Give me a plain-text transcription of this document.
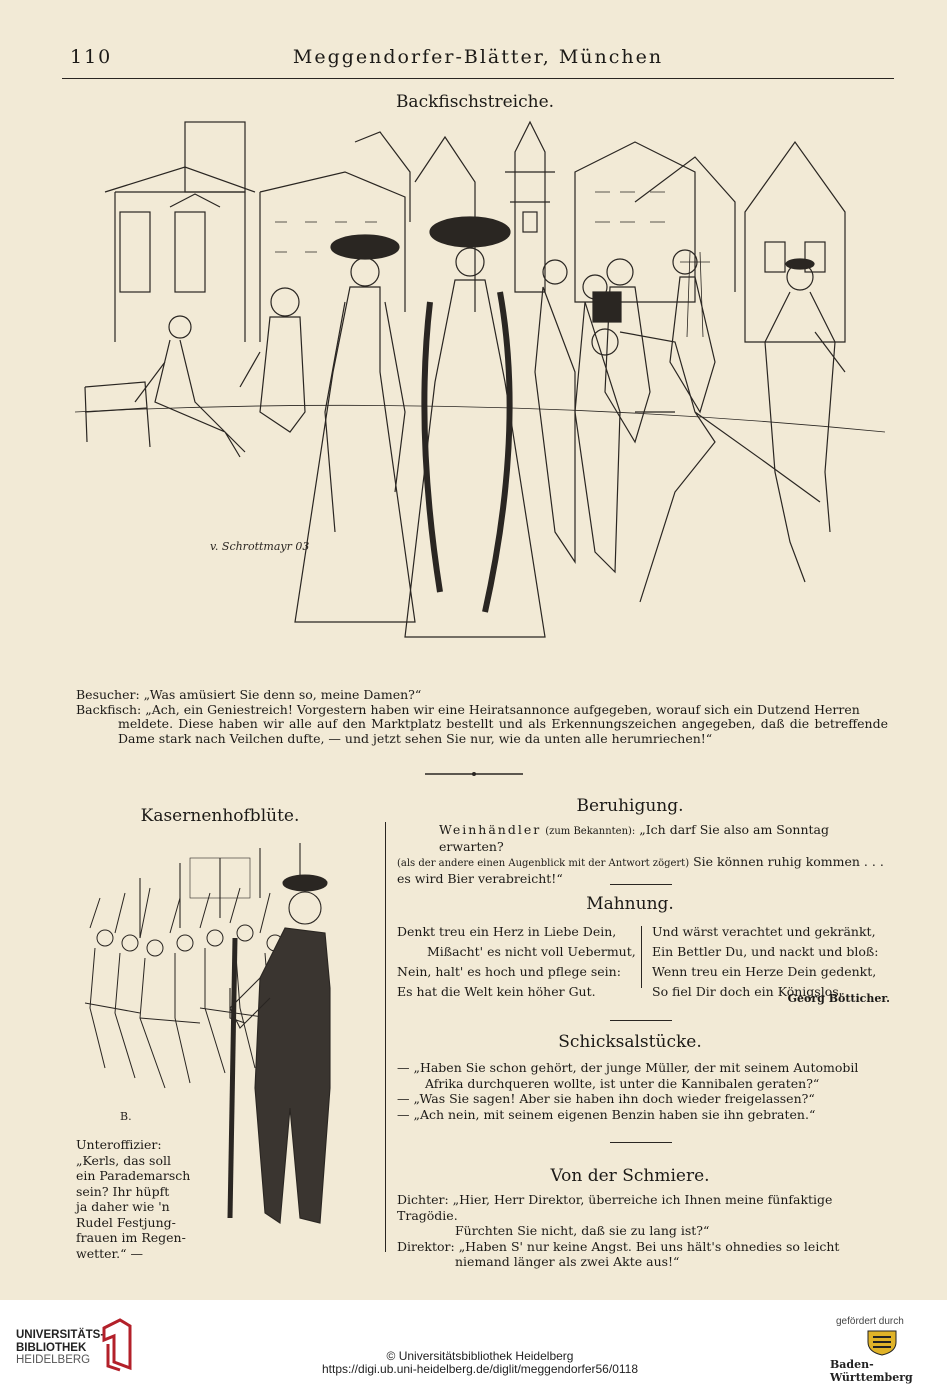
110	Meggendorfer-Blätter, München
Backfischstreiche.
v. Schrottmayr 03

Besucher: „Was amüsiert Sie denn so, meine Damen?“

Backfisch: „Ach, ein Geniestreich! Vorgestern haben wir eine Heiratsannonce aufgegeben, worauf sich ein Dutzend Herren

meldete. Diese haben wir alle auf den Marktplatz bestellt und als Erkennungszeichen angegeben, daß die betreffende Dame stark nach Veilchen dufte, — und jetzt sehen Sie nur, wie da unten alle herumriechen!“

Kasernenhofblüte.
B.
Unteroffizier:
„Kerls, das soll
ein Parademarsch
sein? Ihr hüpft
ja daher wie 'n
Rudel Festjung-
frauen im Regen-
wetter.“ —
Beruhigung.

Weinhändler (zum Bekannten): „Ich darf Sie also am Sonntag erwarten?

(als der andere einen Augenblick mit der Antwort zögert) Sie können ruhig kommen . . .

es wird Bier verabreicht!“

Mahnung.
Denkt treu ein Herz in Liebe Dein,
Mißacht' es nicht voll Uebermut,
Nein, halt' es hoch und pflege sein:
Es hat die Welt kein höher Gut.
Und wärst verachtet und gekränkt,
Ein Bettler Du, und nackt und bloß:
Wenn treu ein Herze Dein gedenkt,
So fiel Dir doch ein Königslos.
Georg Bötticher.
Schicksalstücke.
— „Haben Sie schon gehört, der junge Müller, der mit seinem Automobil
Afrika durchqueren wollte, ist unter die Kannibalen geraten?“
— „Was Sie sagen! Aber sie haben ihn doch wieder freigelassen?“
— „Ach nein, mit seinem eigenen Benzin haben sie ihn gebraten.“
Von der Schmiere.
Dichter: „Hier, Herr Direktor, überreiche ich Ihnen meine fünfaktige Tragödie.
Fürchten Sie nicht, daß sie zu lang ist?“
Direktor: „Haben S' nur keine Angst. Bei uns hält's ohnedies so leicht
niemand länger als zwei Akte aus!“
UNIVERSITÄTS-
BIBLIOTHEK
HEIDELBERG	© Universitätsbibliothek Heidelberg
https://digi.ub.uni-heidelberg.de/diglit/meggendorfer56/0118
gefördert durch
Baden-Württemberg
